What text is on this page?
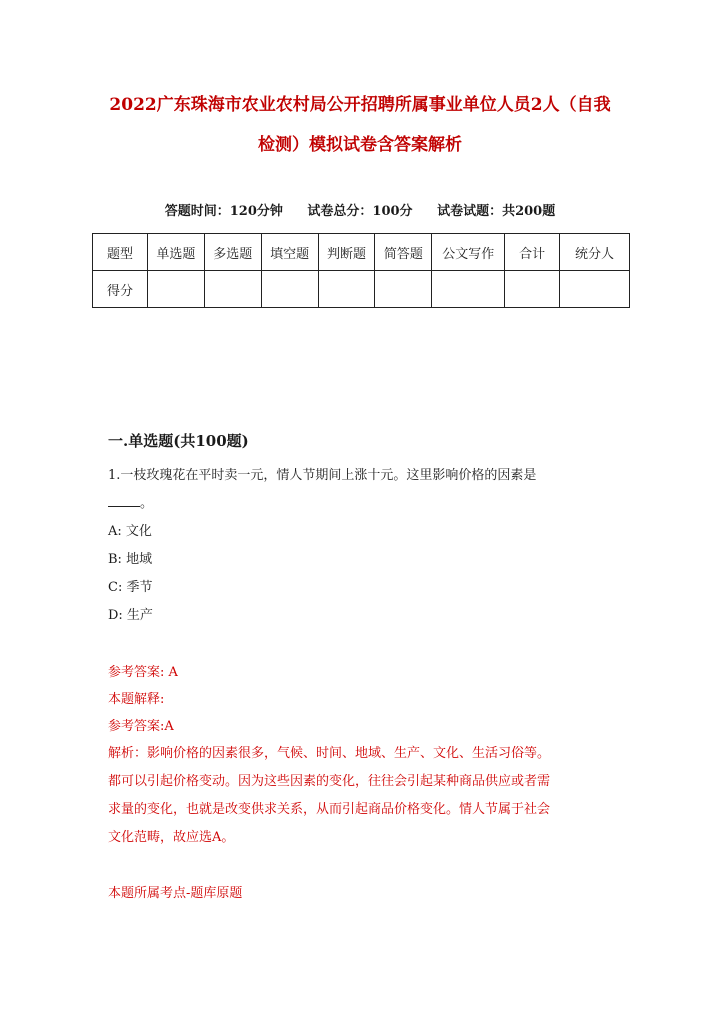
2022广东珠海市农业农村局公开招聘所属事业单位人员2人（自我
检测）模拟试卷含答案解析
答题时间：120分钟 试卷总分：100分 试卷试题：共200题
题型	单选题	多选题	填空题	判断题	简答题	公文写作	合计	统分人
得分								
一.单选题(共100题)
1.一枝玫瑰花在平时卖一元，情人节期间上涨十元。这里影响价格的因素是
。
A: 文化
B: 地域
C: 季节
D: 生产
参考答案: A
本题解释:
参考答案:A
解析：影响价格的因素很多，气候、时间、地域、生产、文化、生活习俗等。
都可以引起价格变动。因为这些因素的变化，往往会引起某种商品供应或者需
求量的变化，也就是改变供求关系，从而引起商品价格变化。情人节属于社会
文化范畴，故应选A。
本题所属考点-题库原题
